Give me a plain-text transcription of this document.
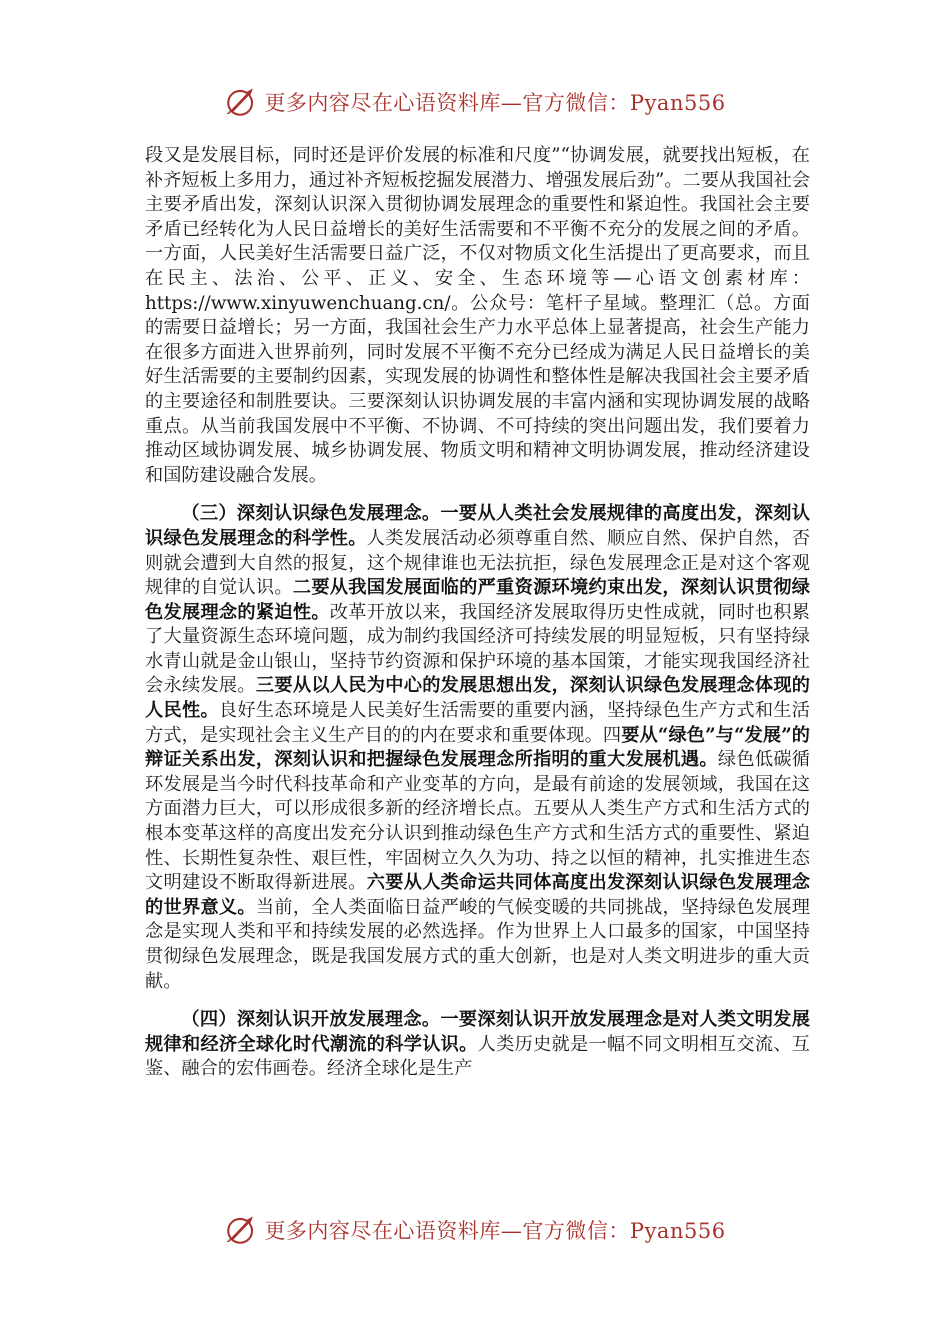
更多内容尽在心语资料库—官方微信：Pyan556

段又是发展目标，同时还是评价发展的标准和尺度”“协调发展，就要找出短板，在补齐短板上多用力，通过补齐短板挖掘发展潜力、增强发展后劲”。二要从我国社会主要矛盾出发，深刻认识深入贯彻协调发展理念的重要性和紧迫性。我国社会主要矛盾已经转化为人民日益增长的美好生活需要和不平衡不充分的发展之间的矛盾。一方面，人民美好生活需要日益广泛，不仅对物质文化生活提出了更高要求，而且在民主、法治、公平、正义、安全、生态环境等—心语文创素材库：https://www.xinyuwenchuang.cn/。公众号：笔杆子星域。整理汇（总。方面的需要日益增长；另一方面，我国社会生产力水平总体上显著提高，社会生产能力在很多方面进入世界前列，同时发展不平衡不充分已经成为满足人民日益增长的美好生活需要的主要制约因素，实现发展的协调性和整体性是解决我国社会主要矛盾的主要途径和制胜要诀。三要深刻认识协调发展的丰富内涵和实现协调发展的战略重点。从当前我国发展中不平衡、不协调、不可持续的突出问题出发，我们要着力推动区域协调发展、城乡协调发展、物质文明和精神文明协调发展，推动经济建设和国防建设融合发展。

（三）深刻认识绿色发展理念。一要从人类社会发展规律的高度出发，深刻认识绿色发展理念的科学性。人类发展活动必须尊重自然、顺应自然、保护自然，否则就会遭到大自然的报复，这个规律谁也无法抗拒，绿色发展理念正是对这个客观规律的自觉认识。二要从我国发展面临的严重资源环境约束出发，深刻认识贯彻绿色发展理念的紧迫性。改革开放以来，我国经济发展取得历史性成就，同时也积累了大量资源生态环境问题，成为制约我国经济可持续发展的明显短板，只有坚持绿水青山就是金山银山，坚持节约资源和保护环境的基本国策，才能实现我国经济社会永续发展。三要从以人民为中心的发展思想出发，深刻认识绿色发展理念体现的人民性。良好生态环境是人民美好生活需要的重要内涵，坚持绿色生产方式和生活方式，是实现社会主义生产目的的内在要求和重要体现。四要从“绿色”与“发展”的辩证关系出发，深刻认识和把握绿色发展理念所指明的重大发展机遇。绿色低碳循环发展是当今时代科技革命和产业变革的方向，是最有前途的发展领域，我国在这方面潜力巨大，可以形成很多新的经济增长点。五要从人类生产方式和生活方式的根本变革这样的高度出发充分认识到推动绿色生产方式和生活方式的重要性、紧迫性、长期性复杂性、艰巨性，牢固树立久久为功、持之以恒的精神，扎实推进生态文明建设不断取得新进展。六要从人类命运共同体高度出发深刻认识绿色发展理念的世界意义。当前，全人类面临日益严峻的气候变暖的共同挑战，坚持绿色发展理念是实现人类和平和持续发展的必然选择。作为世界上人口最多的国家，中国坚持贯彻绿色发展理念，既是我国发展方式的重大创新，也是对人类文明进步的重大贡献。

（四）深刻认识开放发展理念。一要深刻认识开放发展理念是对人类文明发展规律和经济全球化时代潮流的科学认识。人类历史就是一幅不同文明相互交流、互鉴、融合的宏伟画卷。经济全球化是生产

更多内容尽在心语资料库—官方微信：Pyan556
